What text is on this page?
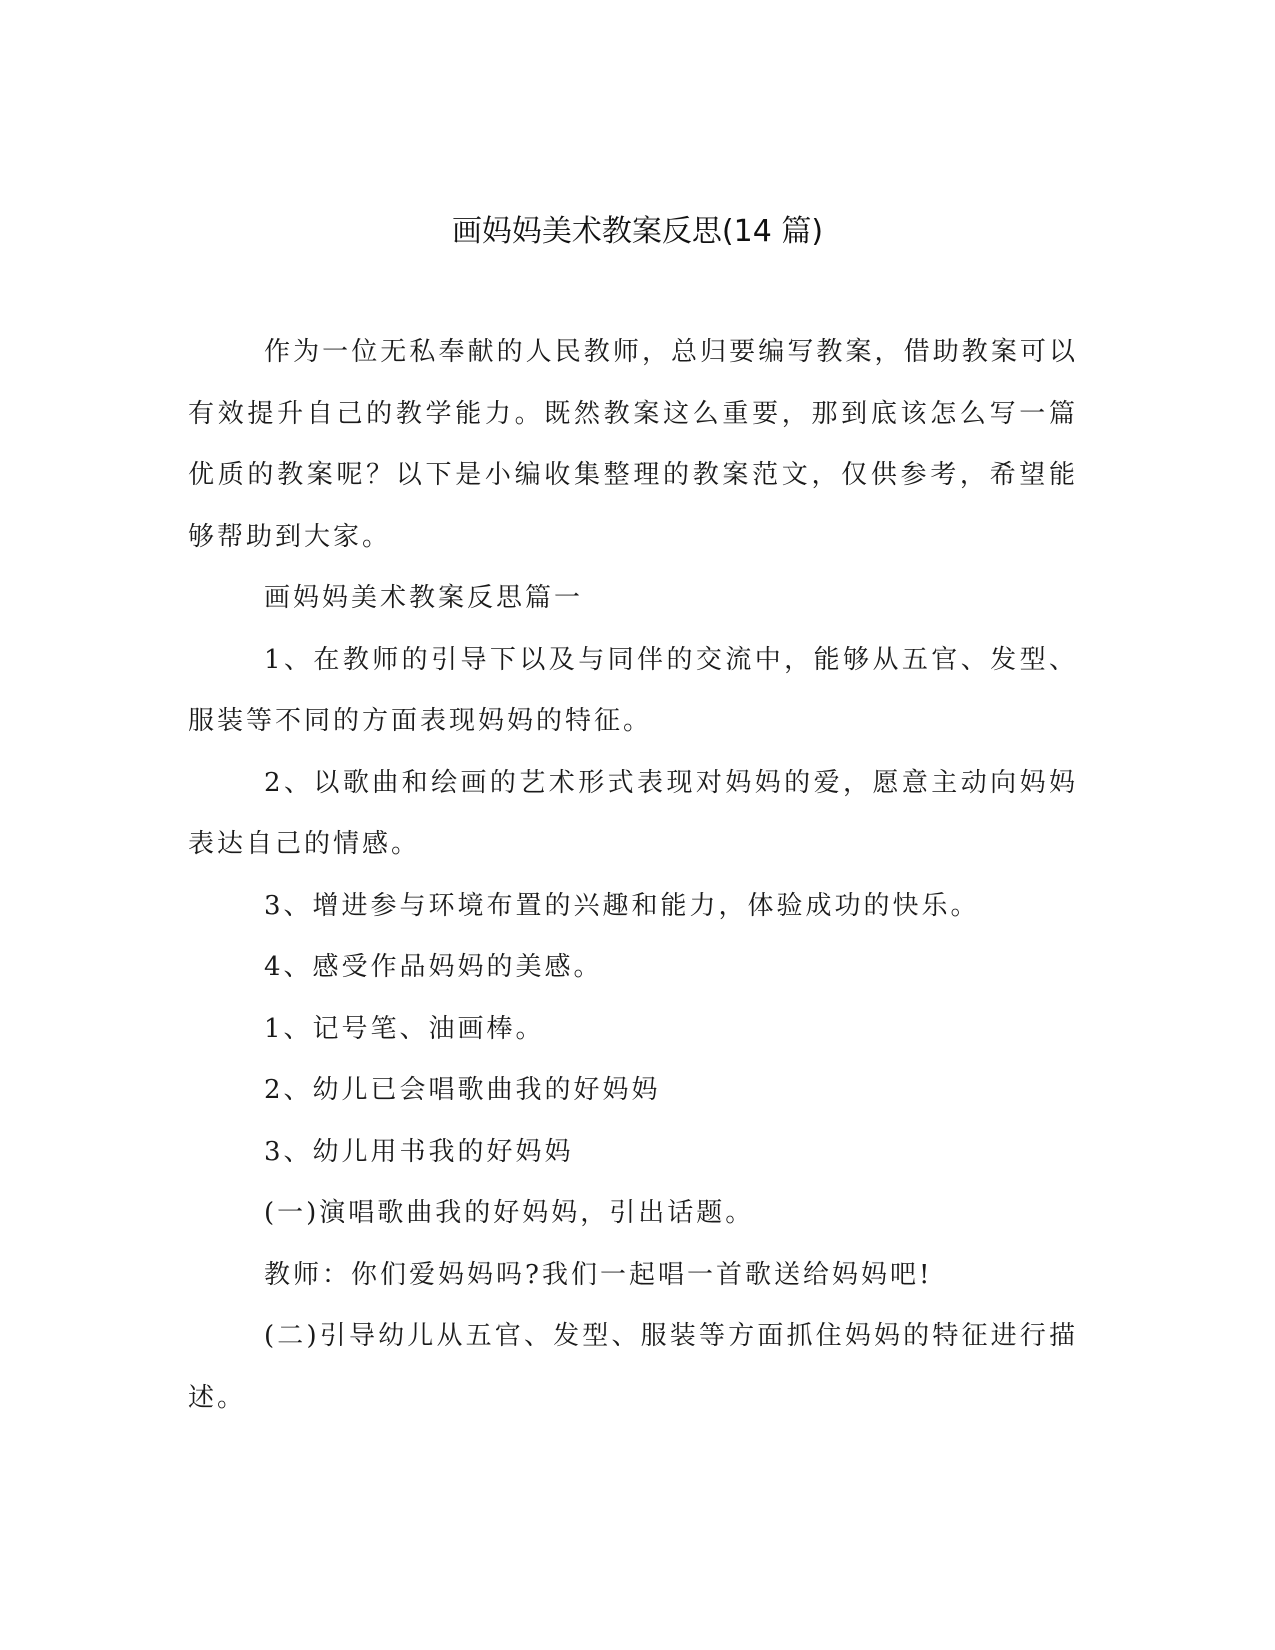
画妈妈美术教案反思(14 篇)

作为一位无私奉献的人民教师，总归要编写教案，借助教案可以有效提升自己的教学能力。既然教案这么重要，那到底该怎么写一篇优质的教案呢？以下是小编收集整理的教案范文，仅供参考，希望能够帮助到大家。

画妈妈美术教案反思篇一

1、在教师的引导下以及与同伴的交流中，能够从五官、发型、服装等不同的方面表现妈妈的特征。

2、以歌曲和绘画的艺术形式表现对妈妈的爱，愿意主动向妈妈表达自己的情感。

3、增进参与环境布置的兴趣和能力，体验成功的快乐。

4、感受作品妈妈的美感。

1、记号笔、油画棒。

2、幼儿已会唱歌曲我的好妈妈

3、幼儿用书我的好妈妈

(一)演唱歌曲我的好妈妈，引出话题。

教师：你们爱妈妈吗?我们一起唱一首歌送给妈妈吧!

(二)引导幼儿从五官、发型、服装等方面抓住妈妈的特征进行描述。
